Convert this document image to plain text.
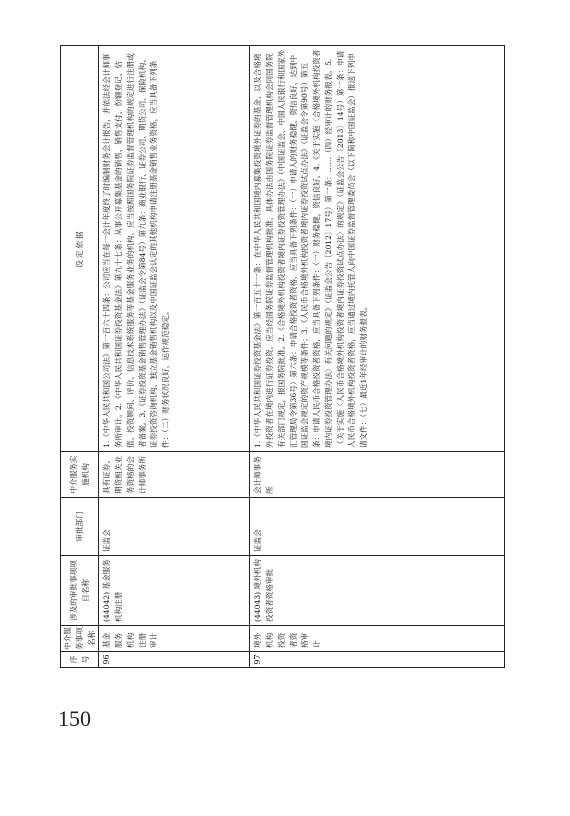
序号	中介服务事项名称	涉及的审批事项项目名称	审批部门	中介服务实施机构	设定依据
96	基金服务机构注册审计	(44042) 基金服务机构注册	证监会	具有证券、期货相关业务资格的会计师事务所	1.《中华人民共和国公司法》第一百六十四条：公司应当在每一会计年度终了时编制财务会计报告，并依法经会计师事务所审计。2.《中华人民共和国证券投资基金法》第九十七条：从事公开募集基金的销售、销售支付、份额登记、估值、投资顾问、评价、信息技术系统服务等基金服务业务的机构，应当按照国务院证券监督管理机构的规定进行注册或者备案。3.《证券投资基金销售管理办法》（证监会令第84号）第九条：商业银行、证券公司、期货公司、保险机构、证券投资咨询机构、独立基金销售机构以及中国证监会认定的其他机构申请注册基金销售业务资格，应当具备下列条件：（二）财务状况良好，运作规范稳定。
97	境外机构投资者资格审计	(44043) 境外机构投资者资格审批	证监会	会计师事务所	1.《中华人民共和国证券投资基金法》第一百五十一条：在中华人民共和国境内募集投资境外证券的基金，以及合格境外投资者在境内进行证券投资，应当经国务院证券监督管理机构批准，具体办法由国务院证券监督管理机构会同国务院有关部门规定，报国务院批准。2.《合格境外机构投资者境内证券投资管理办法》（中国证监会、中国人民银行和国家外汇管理局令第36号）第六条：申请合格投资者资格，应当具备下列条件：（一）申请人的财务稳健，资信良好，达到中国证监会规定的资产规模等条件；3.《人民币合格境外机构投资者境内证券投资试点办法》（证监会令第90号）第五条：申请人民币合格投资者资格，应当具备下列条件：（一）财务稳健，资信良好。4.《关于实施〈合格境外机构投资者境内证券投资管理办法〉有关问题的规定》（证监会公告〔2012〕17号）第一条：……（四）经审计的财务报表。5.《关于实施〈人民币合格境外机构投资者境内证券投资试点办法〉的规定》（证监会公告〔2013〕14号）第一条：申请人民币合格境外机构投资者资格，应当通过境内托管人向中国证券监督管理委员会（以下简称中国证监会）报送下列申请文件：（七）最近1年经审计的财务报表。
150
